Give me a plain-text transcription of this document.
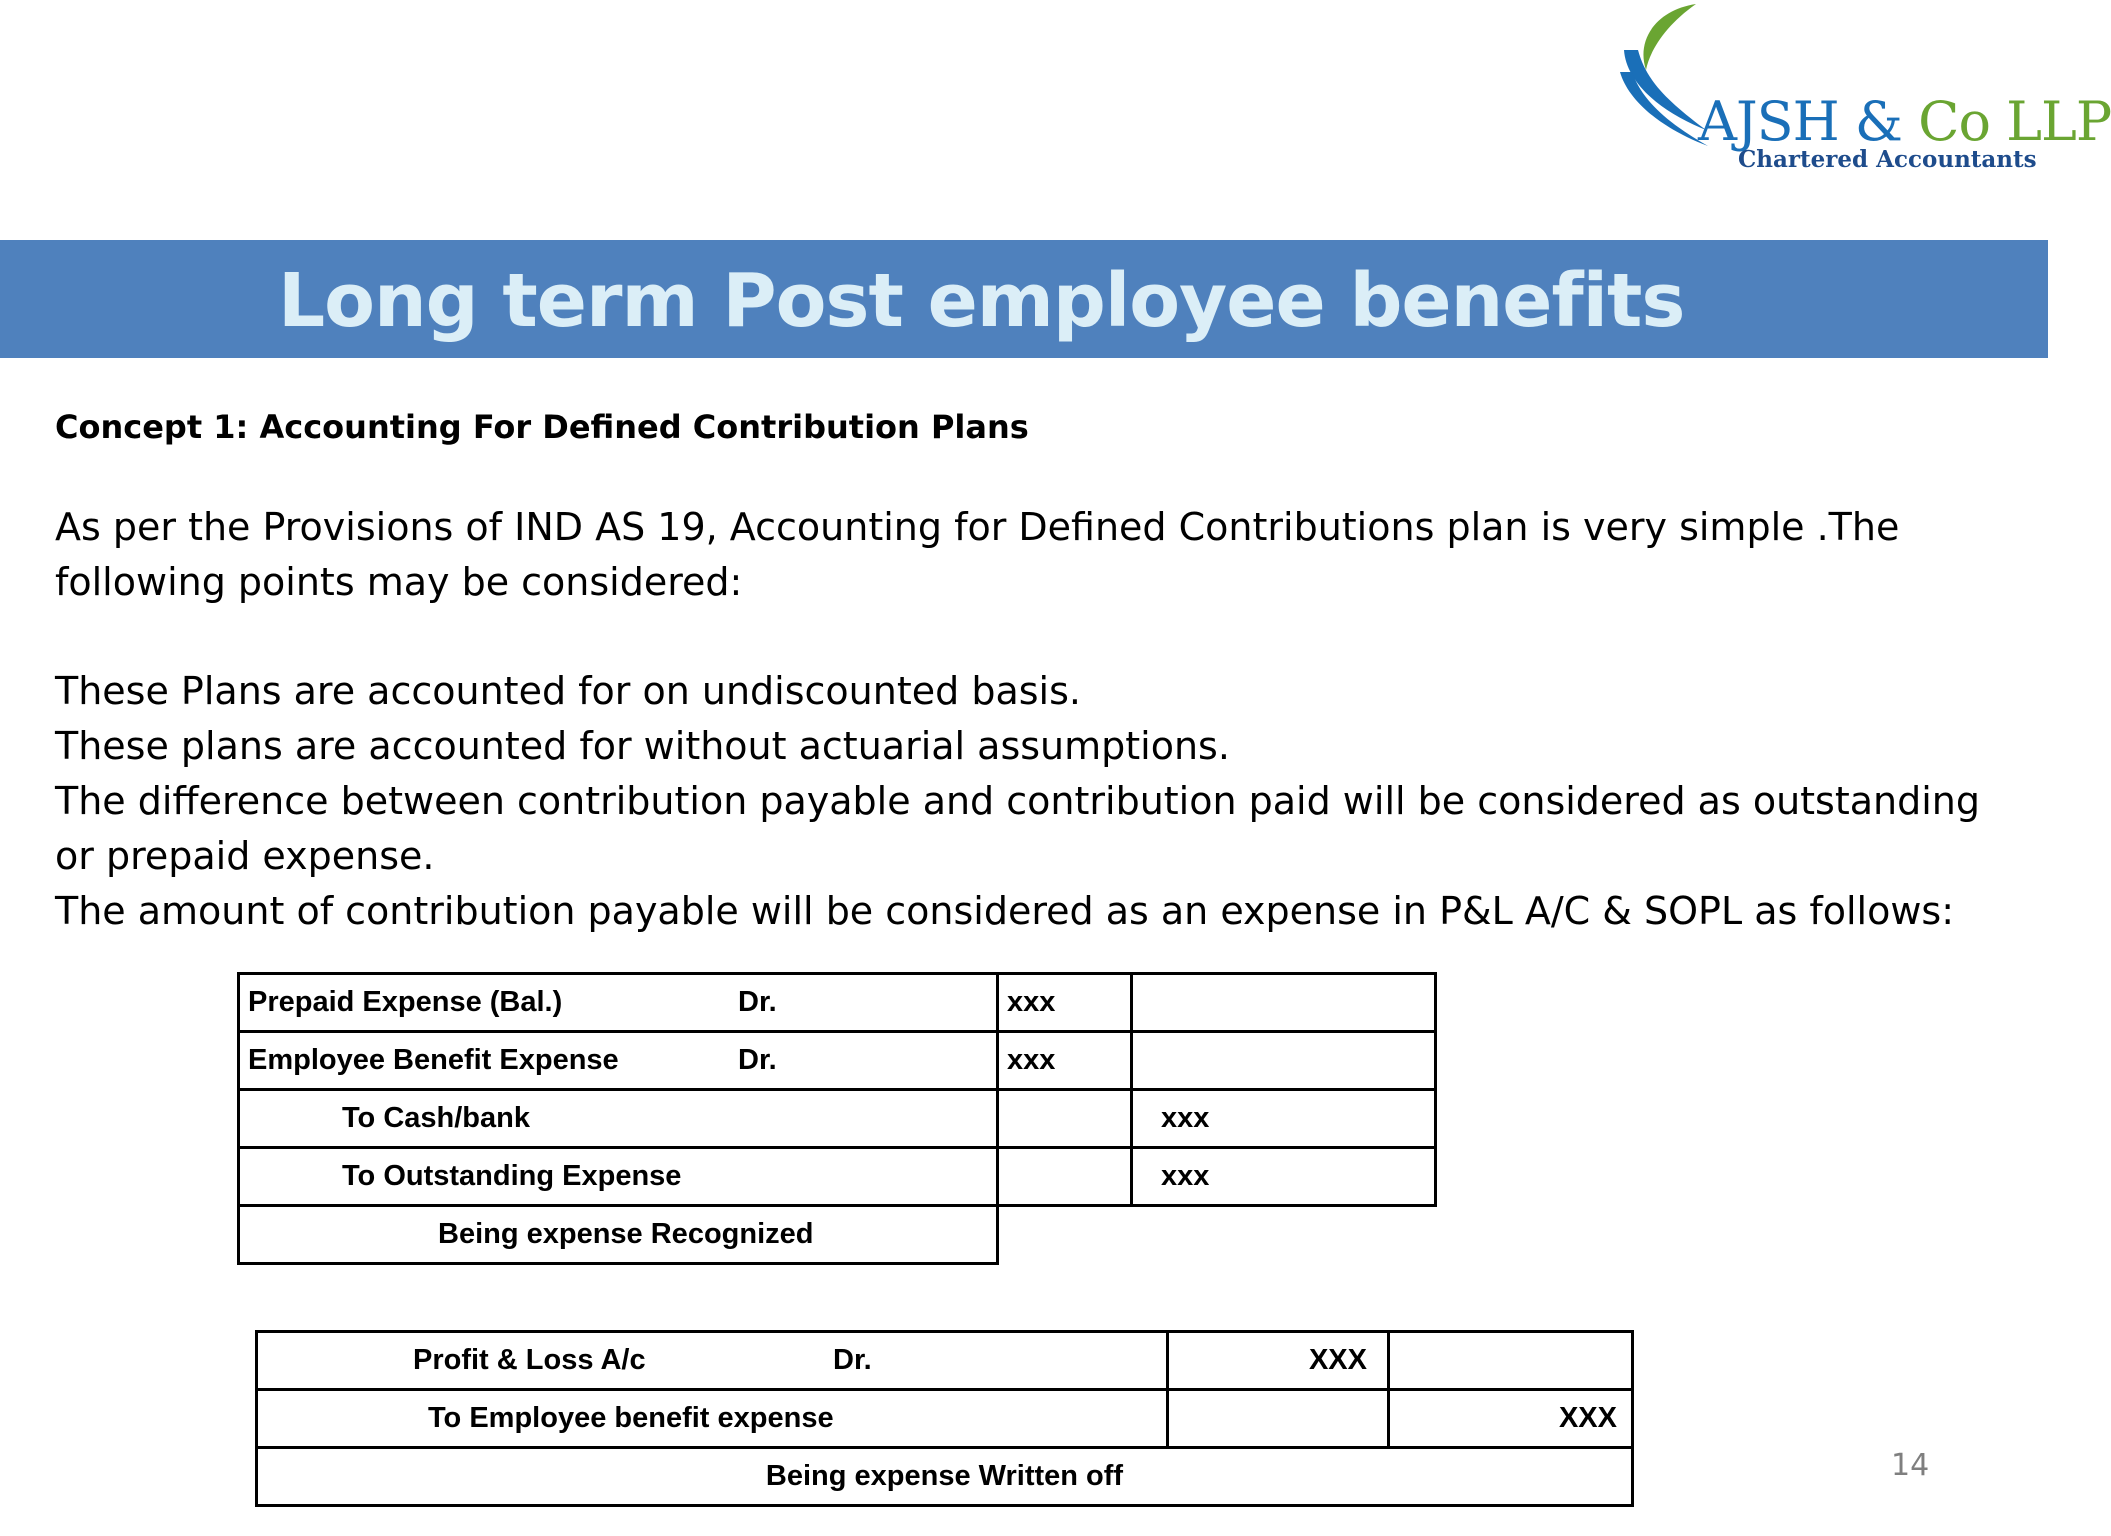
AJSH & Co LLP
Chartered Accountants
Long term Post employee benefits
Concept 1: Accounting For Defined Contribution Plans

As per the Provisions of IND AS 19, Accounting for Defined Contributions plan is very simple .The following points may be considered:

These Plans are accounted for on undiscounted basis.
These plans are accounted for without actuarial assumptions.
The difference between contribution payable and contribution paid will be considered as outstanding or prepaid expense.
The amount of contribution payable will be considered as an expense in P&L A/C & SOPL as follows:
Prepaid Expense (Bal.) Dr.	xxx	
Employee Benefit Expense Dr.	xxx	
To Cash/bank		xxx
To Outstanding Expense		xxx
Being expense Recognized		
Profit & Loss A/c Dr.	XXX	
To Employee benefit expense		XXX
Being expense Written off			14
